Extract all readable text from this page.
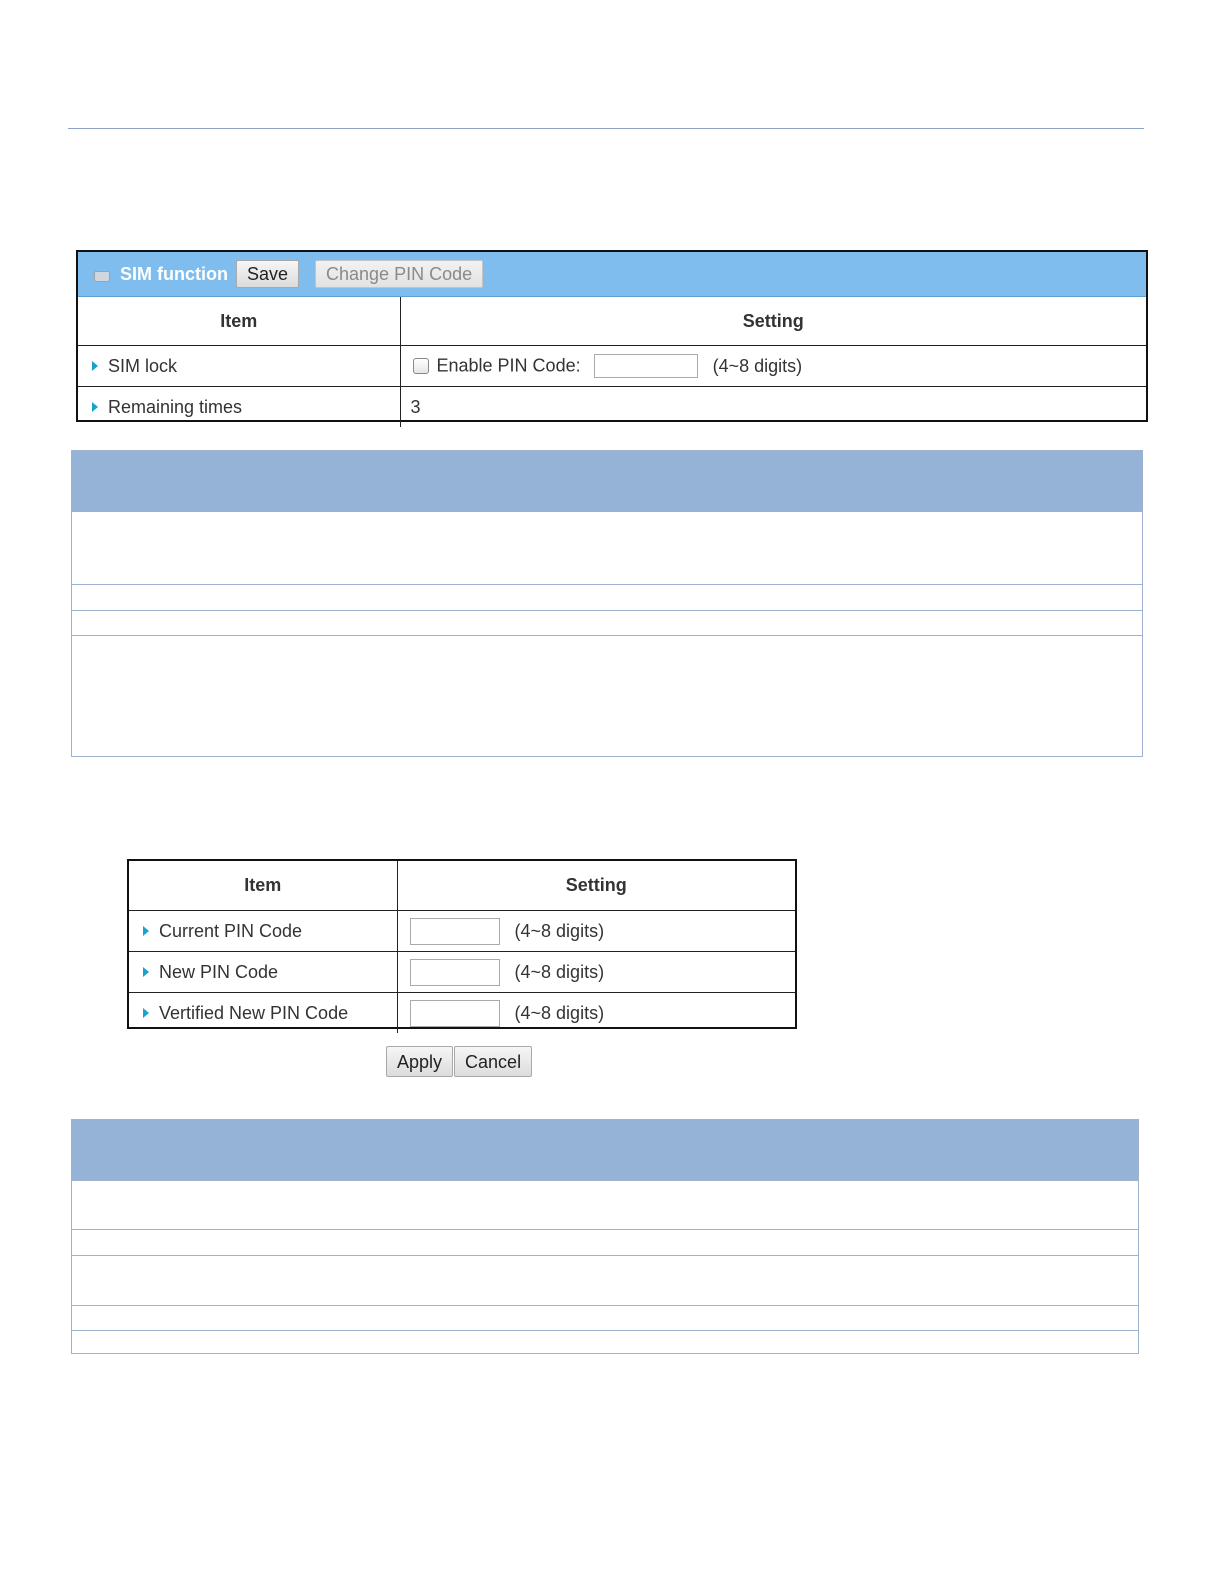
SIM function	Save	Change PIN Code
Item	Setting
SIM lock	Enable PIN Code: (4~8 digits)
Remaining times	3
Item	Setting
Current PIN Code	(4~8 digits)
New PIN Code	(4~8 digits)
Vertified New PIN Code	(4~8 digits)
Apply	Cancel
